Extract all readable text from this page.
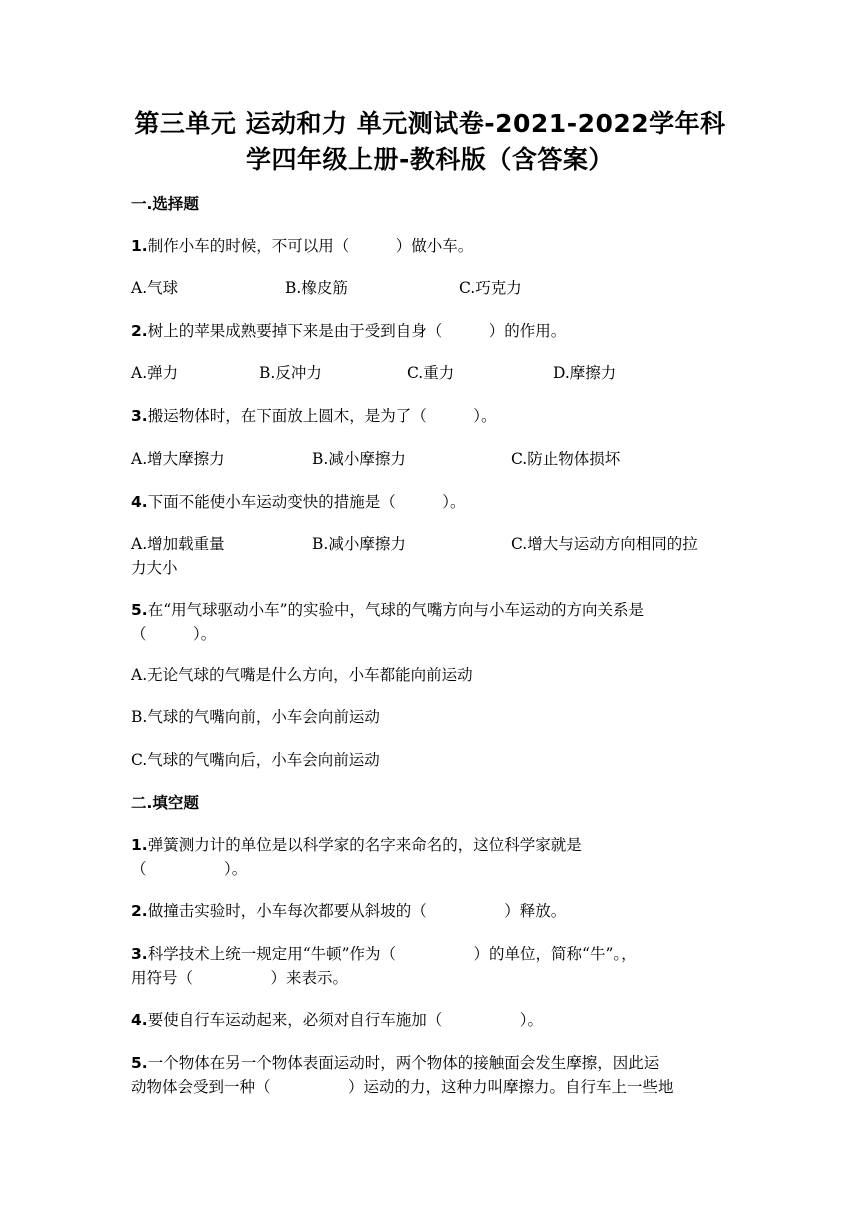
第三单元 运动和力 单元测试卷-2021-2022学年科
学四年级上册-教科版（含答案）
一.选择题
1.制作小车的时候，不可以用（　　　）做小车。
A.气球	B.橡皮筋	C.巧克力
2.树上的苹果成熟要掉下来是由于受到自身（　　　）的作用。
A.弹力	B.反冲力	C.重力	D.摩擦力
3.搬运物体时，在下面放上圆木，是为了（　　　）。
A.增大摩擦力	B.减小摩擦力	C.防止物体损坏
4.下面不能使小车运动变快的措施是（　　　）。
A.增加载重量	B.减小摩擦力	C.增大与运动方向相同的拉
力大小
5.在“用气球驱动小车”的实验中，气球的气嘴方向与小车运动的方向关系是
（　　　）。
A.无论气球的气嘴是什么方向，小车都能向前运动
B.气球的气嘴向前，小车会向前运动
C.气球的气嘴向后，小车会向前运动
二.填空题
1.弹簧测力计的单位是以科学家的名字来命名的，这位科学家就是
（　　　　　）。
2.做撞击实验时，小车每次都要从斜坡的（　　　　　）释放。
3.科学技术上统一规定用“牛顿”作为（　　　　　）的单位，简称“牛”。，
用符号（　　　　　）来表示。
4.要使自行车运动起来，必须对自行车施加（　　　　　）。
5.一个物体在另一个物体表面运动时，两个物体的接触面会发生摩擦，因此运
动物体会受到一种（　　　　　）运动的力，这种力叫摩擦力。自行车上一些地
